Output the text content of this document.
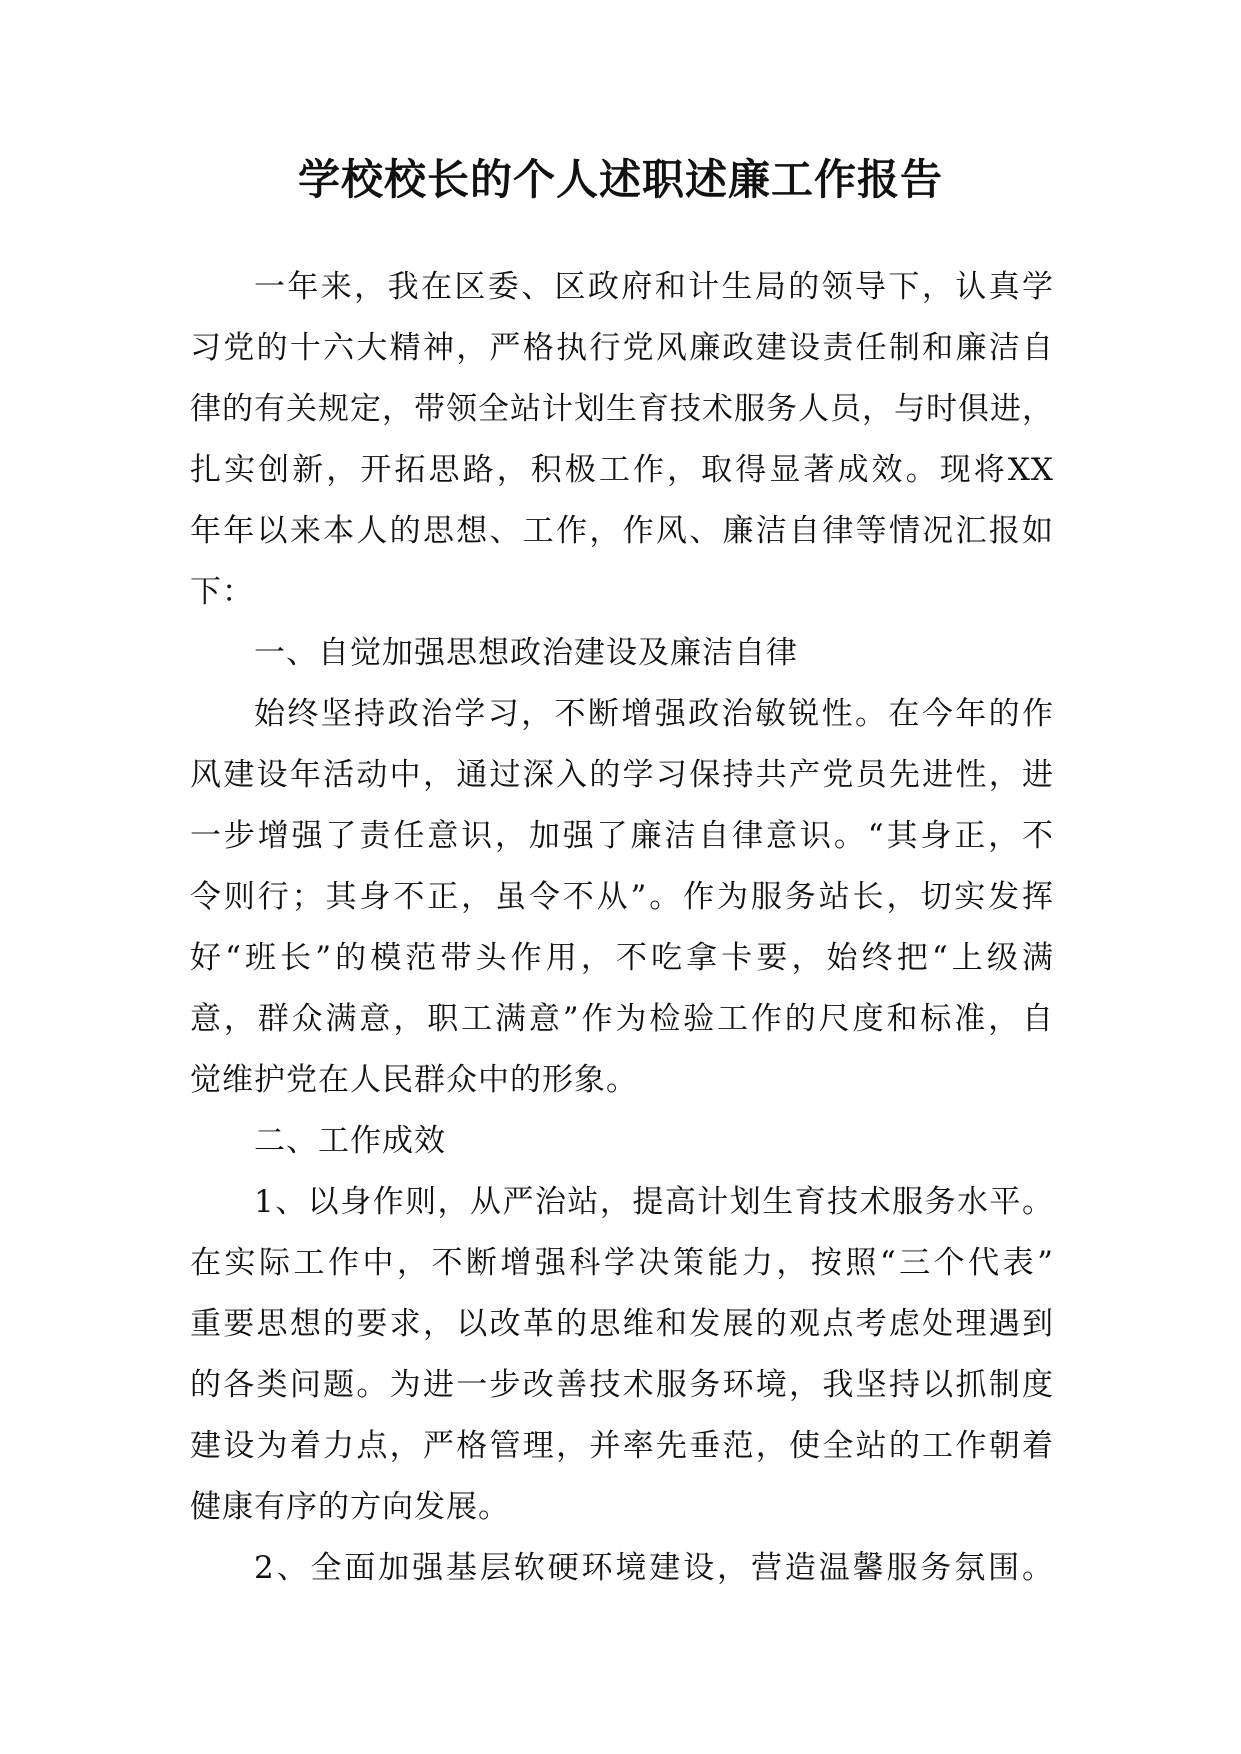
学校校长的个人述职述廉工作报告
一年来，我在区委、区政府和计生局的领导下，认真学
习党的十六大精神，严格执行党风廉政建设责任制和廉洁自
律的有关规定，带领全站计划生育技术服务人员，与时俱进，
扎实创新，开拓思路，积极工作，取得显著成效。现将XX
年年以来本人的思想、工作，作风、廉洁自律等情况汇报如
下：
一、自觉加强思想政治建设及廉洁自律
始终坚持政治学习，不断增强政治敏锐性。在今年的作
风建设年活动中，通过深入的学习保持共产党员先进性，进
一步增强了责任意识，加强了廉洁自律意识。“其身正，不
令则行；其身不正，虽令不从”。作为服务站长，切实发挥
好“班长”的模范带头作用，不吃拿卡要，始终把“上级满
意，群众满意，职工满意”作为检验工作的尺度和标准，自
觉维护党在人民群众中的形象。
二、工作成效
1、以身作则，从严治站，提高计划生育技术服务水平。
在实际工作中，不断增强科学决策能力，按照“三个代表”
重要思想的要求，以改革的思维和发展的观点考虑处理遇到
的各类问题。为进一步改善技术服务环境，我坚持以抓制度
建设为着力点，严格管理，并率先垂范，使全站的工作朝着
健康有序的方向发展。
2、全面加强基层软硬环境建设，营造温馨服务氛围。
